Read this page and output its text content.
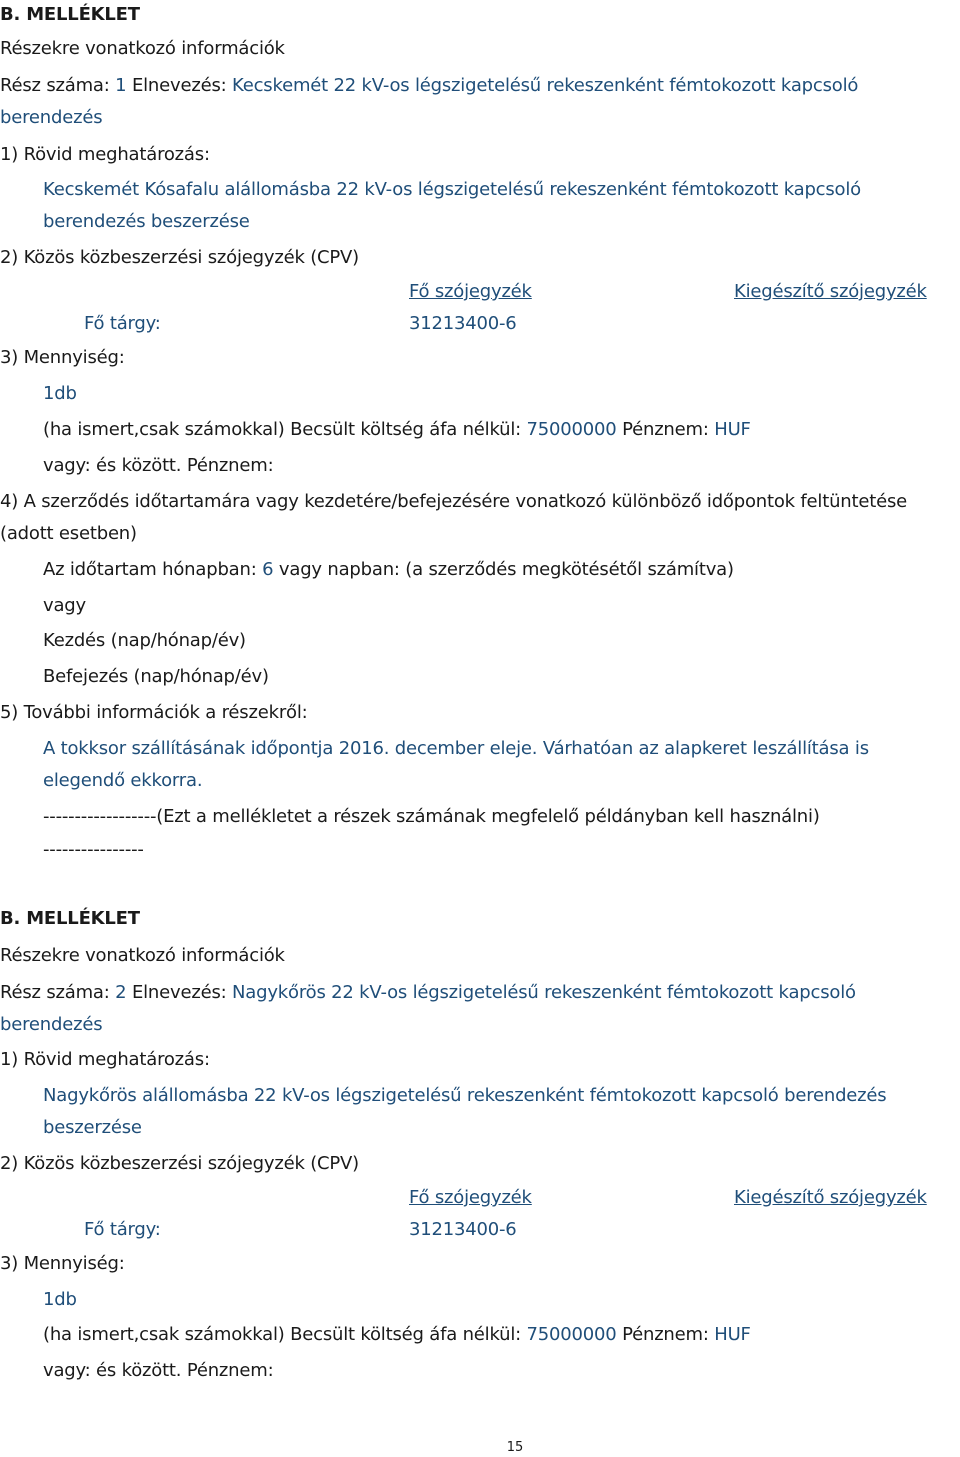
B. MELLÉKLET
Részekre vonatkozó információk
Rész száma: 1 Elnevezés: Kecskemét 22 kV-os légszigetelésű rekeszenként fémtokozott kapcsoló
berendezés
1) Rövid meghatározás:
Kecskemét Kósafalu alállomásba 22 kV-os légszigetelésű rekeszenként fémtokozott kapcsoló
berendezés beszerzése
2) Közös közbeszerzési szójegyzék (CPV)
Fő szójegyzék	Kiegészítő szójegyzék
Fő tárgy:	31213400-6
3) Mennyiség:
1db
(ha ismert,csak számokkal) Becsült költség áfa nélkül: 75000000 Pénznem: HUF
vagy: és között. Pénznem:
4) A szerződés időtartamára vagy kezdetére/befejezésére vonatkozó különböző időpontok feltüntetése
(adott esetben)
Az időtartam hónapban: 6 vagy napban: (a szerződés megkötésétől számítva)
vagy
Kezdés (nap/hónap/év)
Befejezés (nap/hónap/év)
5) További információk a részekről:
A tokksor szállításának időpontja 2016. december eleje. Várhatóan az alapkeret leszállítása is
elegendő ekkorra.
------------------(Ezt a mellékletet a részek számának megfelelő példányban kell használni)
----------------
B. MELLÉKLET
Részekre vonatkozó információk
Rész száma: 2 Elnevezés: Nagykőrös 22 kV-os légszigetelésű rekeszenként fémtokozott kapcsoló
berendezés
1) Rövid meghatározás:
Nagykőrös alállomásba 22 kV-os légszigetelésű rekeszenként fémtokozott kapcsoló berendezés
beszerzése
2) Közös közbeszerzési szójegyzék (CPV)
Fő szójegyzék	Kiegészítő szójegyzék
Fő tárgy:	31213400-6
3) Mennyiség:
1db
(ha ismert,csak számokkal) Becsült költség áfa nélkül: 75000000 Pénznem: HUF
vagy: és között. Pénznem:
15
